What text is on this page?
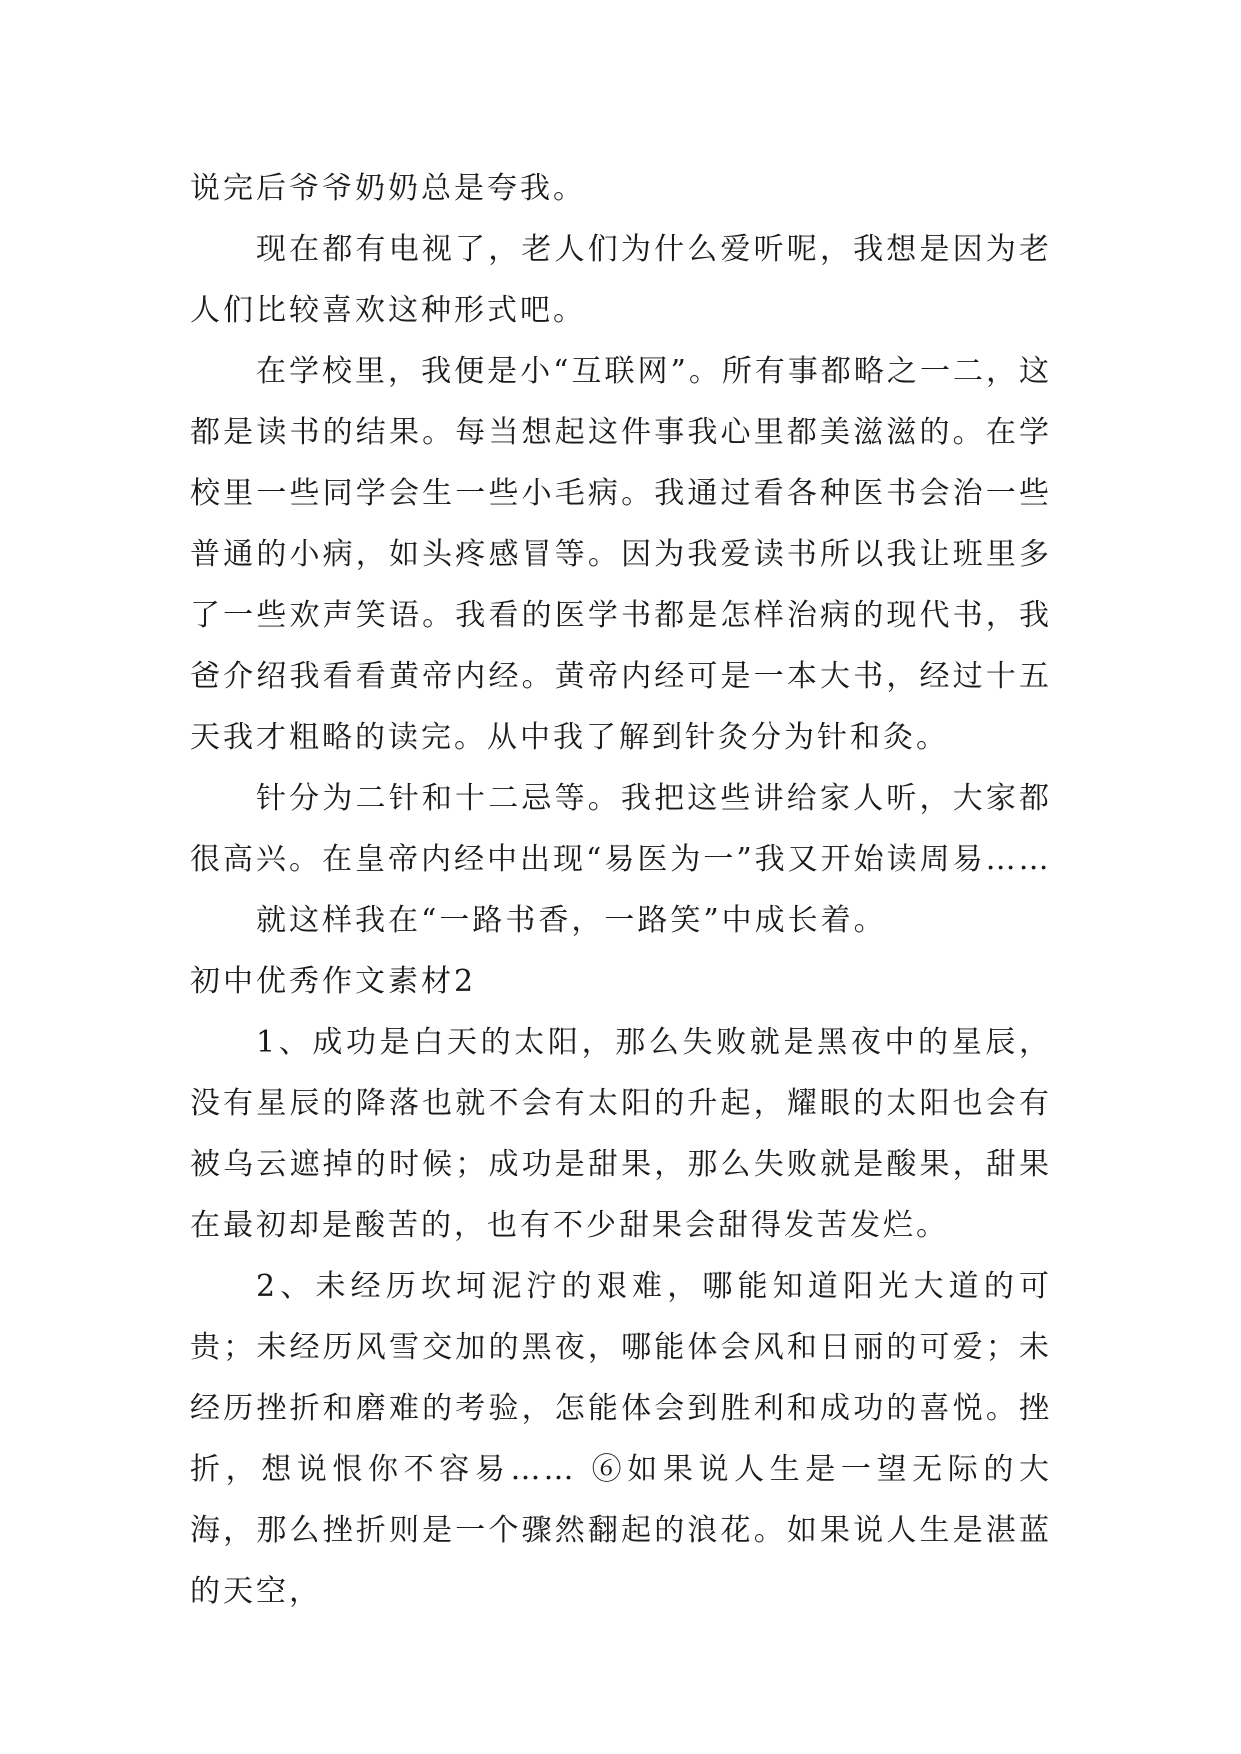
说完后爷爷奶奶总是夸我。

现在都有电视了，老人们为什么爱听呢，我想是因为老人们比较喜欢这种形式吧。

在学校里，我便是小“互联网”。所有事都略之一二，这都是读书的结果。每当想起这件事我心里都美滋滋的。在学校里一些同学会生一些小毛病。我通过看各种医书会治一些普通的小病，如头疼感冒等。因为我爱读书所以我让班里多了一些欢声笑语。我看的医学书都是怎样治病的现代书，我爸介绍我看看黄帝内经。黄帝内经可是一本大书，经过十五天我才粗略的读完。从中我了解到针灸分为针和灸。

针分为二针和十二忌等。我把这些讲给家人听，大家都很高兴。在皇帝内经中出现“易医为一”我又开始读周易……

就这样我在“一路书香，一路笑”中成长着。

初中优秀作文素材2

1、成功是白天的太阳，那么失败就是黑夜中的星辰，没有星辰的降落也就不会有太阳的升起，耀眼的太阳也会有被乌云遮掉的时候；成功是甜果，那么失败就是酸果，甜果在最初却是酸苦的，也有不少甜果会甜得发苦发烂。

2、未经历坎坷泥泞的艰难，哪能知道阳光大道的可贵；未经历风雪交加的黑夜，哪能体会风和日丽的可爱；未经历挫折和磨难的考验，怎能体会到胜利和成功的喜悦。挫折，想说恨你不容易…… ⑥如果说人生是一望无际的大海，那么挫折则是一个骤然翻起的浪花。如果说人生是湛蓝的天空，
